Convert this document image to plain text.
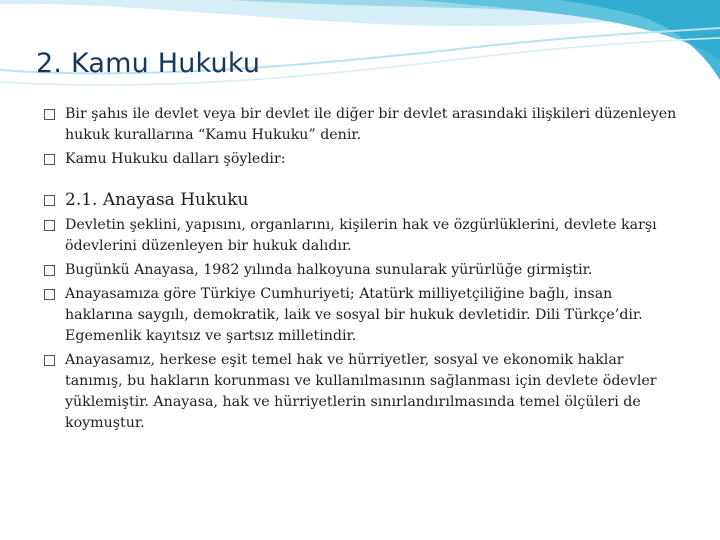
2. Kamu Hukuku
Bir şahıs ile devlet veya bir devlet ile diğer bir devlet arasındaki ilişkileri düzenleyen hukuk kurallarına “Kamu Hukuku” denir.
Kamu Hukuku dalları şöyledir:
2.1. Anayasa Hukuku
Devletin şeklini, yapısını, organlarını, kişilerin hak ve özgürlüklerini, devlete karşı ödevlerini düzenleyen bir hukuk dalıdır.
Bugünkü Anayasa, 1982 yılında halkoyuna sunularak yürürlüğe girmiştir.
Anayasamıza göre Türkiye Cumhuriyeti; Atatürk milliyetçiliğine bağlı, insan haklarına saygılı, demokratik, laik ve sosyal bir hukuk devletidir. Dili Türkçe’dir. Egemenlik kayıtsız ve şartsız milletindir.
Anayasamız, herkese eşit temel hak ve hürriyetler, sosyal ve ekonomik haklar tanımış, bu hakların korunması ve kullanılmasının sağlanması için devlete ödevler yüklemiştir. Anayasa, hak ve hürriyetlerin sınırlandırılmasında temel ölçüleri de koymuştur.
